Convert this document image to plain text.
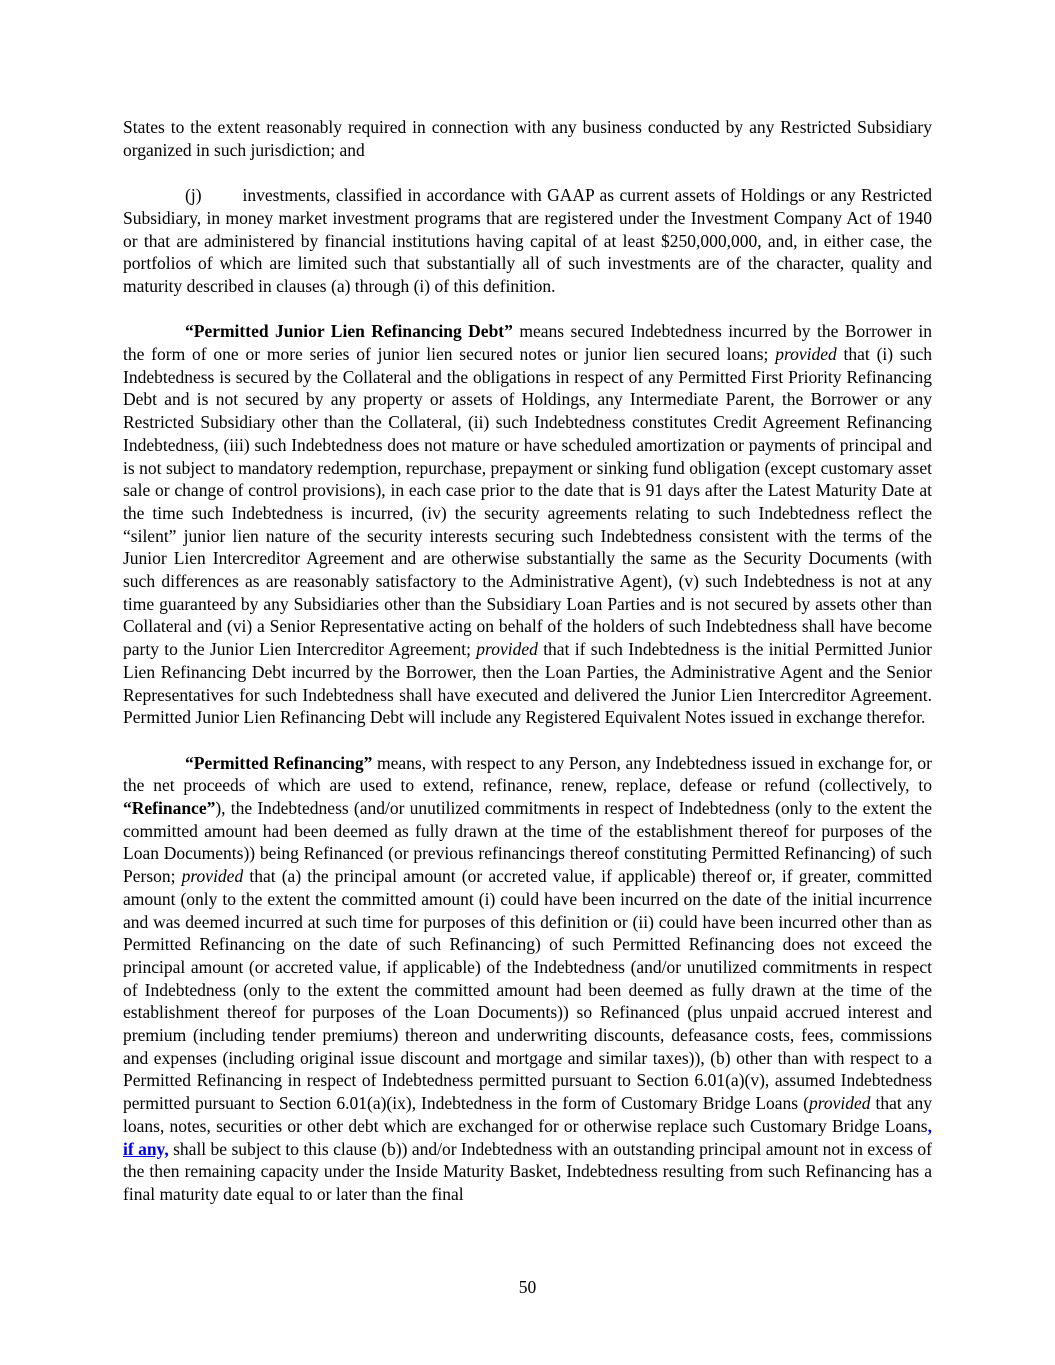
States to the extent reasonably required in connection with any business conducted by any Restricted Subsidiary organized in such jurisdiction; and

(j) investments, classified in accordance with GAAP as current assets of Holdings or any Restricted Subsidiary, in money market investment programs that are registered under the Investment Company Act of 1940 or that are administered by financial institutions having capital of at least $250,000,000, and, in either case, the portfolios of which are limited such that substantially all of such investments are of the character, quality and maturity described in clauses (a) through (i) of this definition.

“Permitted Junior Lien Refinancing Debt” means secured Indebtedness incurred by the Borrower in the form of one or more series of junior lien secured notes or junior lien secured loans; provided that (i) such Indebtedness is secured by the Collateral and the obligations in respect of any Permitted First Priority Refinancing Debt and is not secured by any property or assets of Holdings, any Intermediate Parent, the Borrower or any Restricted Subsidiary other than the Collateral, (ii) such Indebtedness constitutes Credit Agreement Refinancing Indebtedness, (iii) such Indebtedness does not mature or have scheduled amortization or payments of principal and is not subject to mandatory redemption, repurchase, prepayment or sinking fund obligation (except customary asset sale or change of control provisions), in each case prior to the date that is 91 days after the Latest Maturity Date at the time such Indebtedness is incurred, (iv) the security agreements relating to such Indebtedness reflect the “silent” junior lien nature of the security interests securing such Indebtedness consistent with the terms of the Junior Lien Intercreditor Agreement and are otherwise substantially the same as the Security Documents (with such differences as are reasonably satisfactory to the Administrative Agent), (v) such Indebtedness is not at any time guaranteed by any Subsidiaries other than the Subsidiary Loan Parties and is not secured by assets other than Collateral and (vi) a Senior Representative acting on behalf of the holders of such Indebtedness shall have become party to the Junior Lien Intercreditor Agreement; provided that if such Indebtedness is the initial Permitted Junior Lien Refinancing Debt incurred by the Borrower, then the Loan Parties, the Administrative Agent and the Senior Representatives for such Indebtedness shall have executed and delivered the Junior Lien Intercreditor Agreement. Permitted Junior Lien Refinancing Debt will include any Registered Equivalent Notes issued in exchange therefor.

“Permitted Refinancing” means, with respect to any Person, any Indebtedness issued in exchange for, or the net proceeds of which are used to extend, refinance, renew, replace, defease or refund (collectively, to “Refinance”), the Indebtedness (and/or unutilized commitments in respect of Indebtedness (only to the extent the committed amount had been deemed as fully drawn at the time of the establishment thereof for purposes of the Loan Documents)) being Refinanced (or previous refinancings thereof constituting Permitted Refinancing) of such Person; provided that (a) the principal amount (or accreted value, if applicable) thereof or, if greater, committed amount (only to the extent the committed amount (i) could have been incurred on the date of the initial incurrence and was deemed incurred at such time for purposes of this definition or (ii) could have been incurred other than as Permitted Refinancing on the date of such Refinancing) of such Permitted Refinancing does not exceed the principal amount (or accreted value, if applicable) of the Indebtedness (and/or unutilized commitments in respect of Indebtedness (only to the extent the committed amount had been deemed as fully drawn at the time of the establishment thereof for purposes of the Loan Documents)) so Refinanced (plus unpaid accrued interest and premium (including tender premiums) thereon and underwriting discounts, defeasance costs, fees, commissions and expenses (including original issue discount and mortgage and similar taxes)), (b) other than with respect to a Permitted Refinancing in respect of Indebtedness permitted pursuant to Section 6.01(a)(v), assumed Indebtedness permitted pursuant to Section 6.01(a)(ix), Indebtedness in the form of Customary Bridge Loans (provided that any loans, notes, securities or other debt which are exchanged for or otherwise replace such Customary Bridge Loans, if any, shall be subject to this clause (b)) and/or Indebtedness with an outstanding principal amount not in excess of the then remaining capacity under the Inside Maturity Basket, Indebtedness resulting from such Refinancing has a final maturity date equal to or later than the final

50
